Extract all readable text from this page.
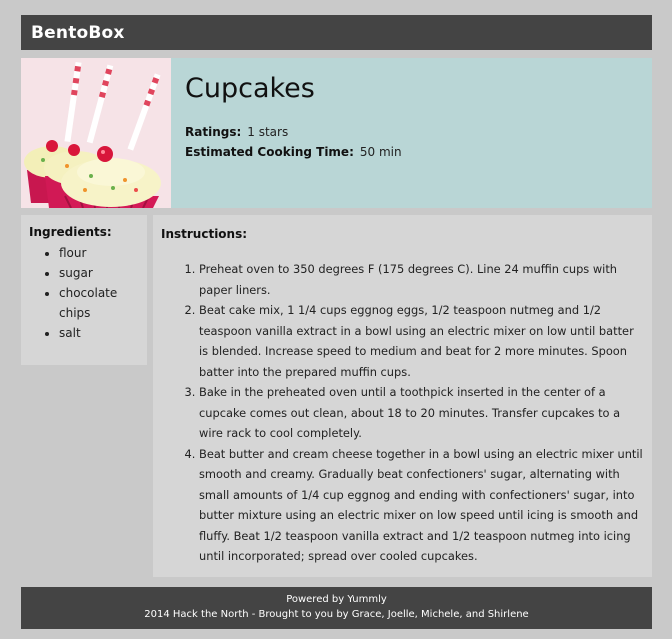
BentoBox
Cupcakes
Ratings: 1 stars
Estimated Cooking Time: 50 min
Ingredients:
• flour
• sugar
• chocolate chips
• salt
Instructions:
1. Preheat oven to 350 degrees F (175 degrees C). Line 24 muffin cups with paper liners.
2. Beat cake mix, 1 1/4 cups eggnog eggs, 1/2 teaspoon nutmeg and 1/2 teaspoon vanilla extract in a bowl using an electric mixer on low until batter is blended. Increase speed to medium and beat for 2 more minutes. Spoon batter into the prepared muffin cups.
3. Bake in the preheated oven until a toothpick inserted in the center of a cupcake comes out clean, about 18 to 20 minutes. Transfer cupcakes to a wire rack to cool completely.
4. Beat butter and cream cheese together in a bowl using an electric mixer until smooth and creamy. Gradually beat confectioners' sugar, alternating with small amounts of 1/4 cup eggnog and ending with confectioners' sugar, into butter mixture using an electric mixer on low speed until icing is smooth and fluffy. Beat 1/2 teaspoon vanilla extract and 1/2 teaspoon nutmeg into icing until incorporated; spread over cooled cupcakes.
Powered by Yummly
2014 Hack the North - Brought to you by Grace, Joelle, Michele, and Shirlene
